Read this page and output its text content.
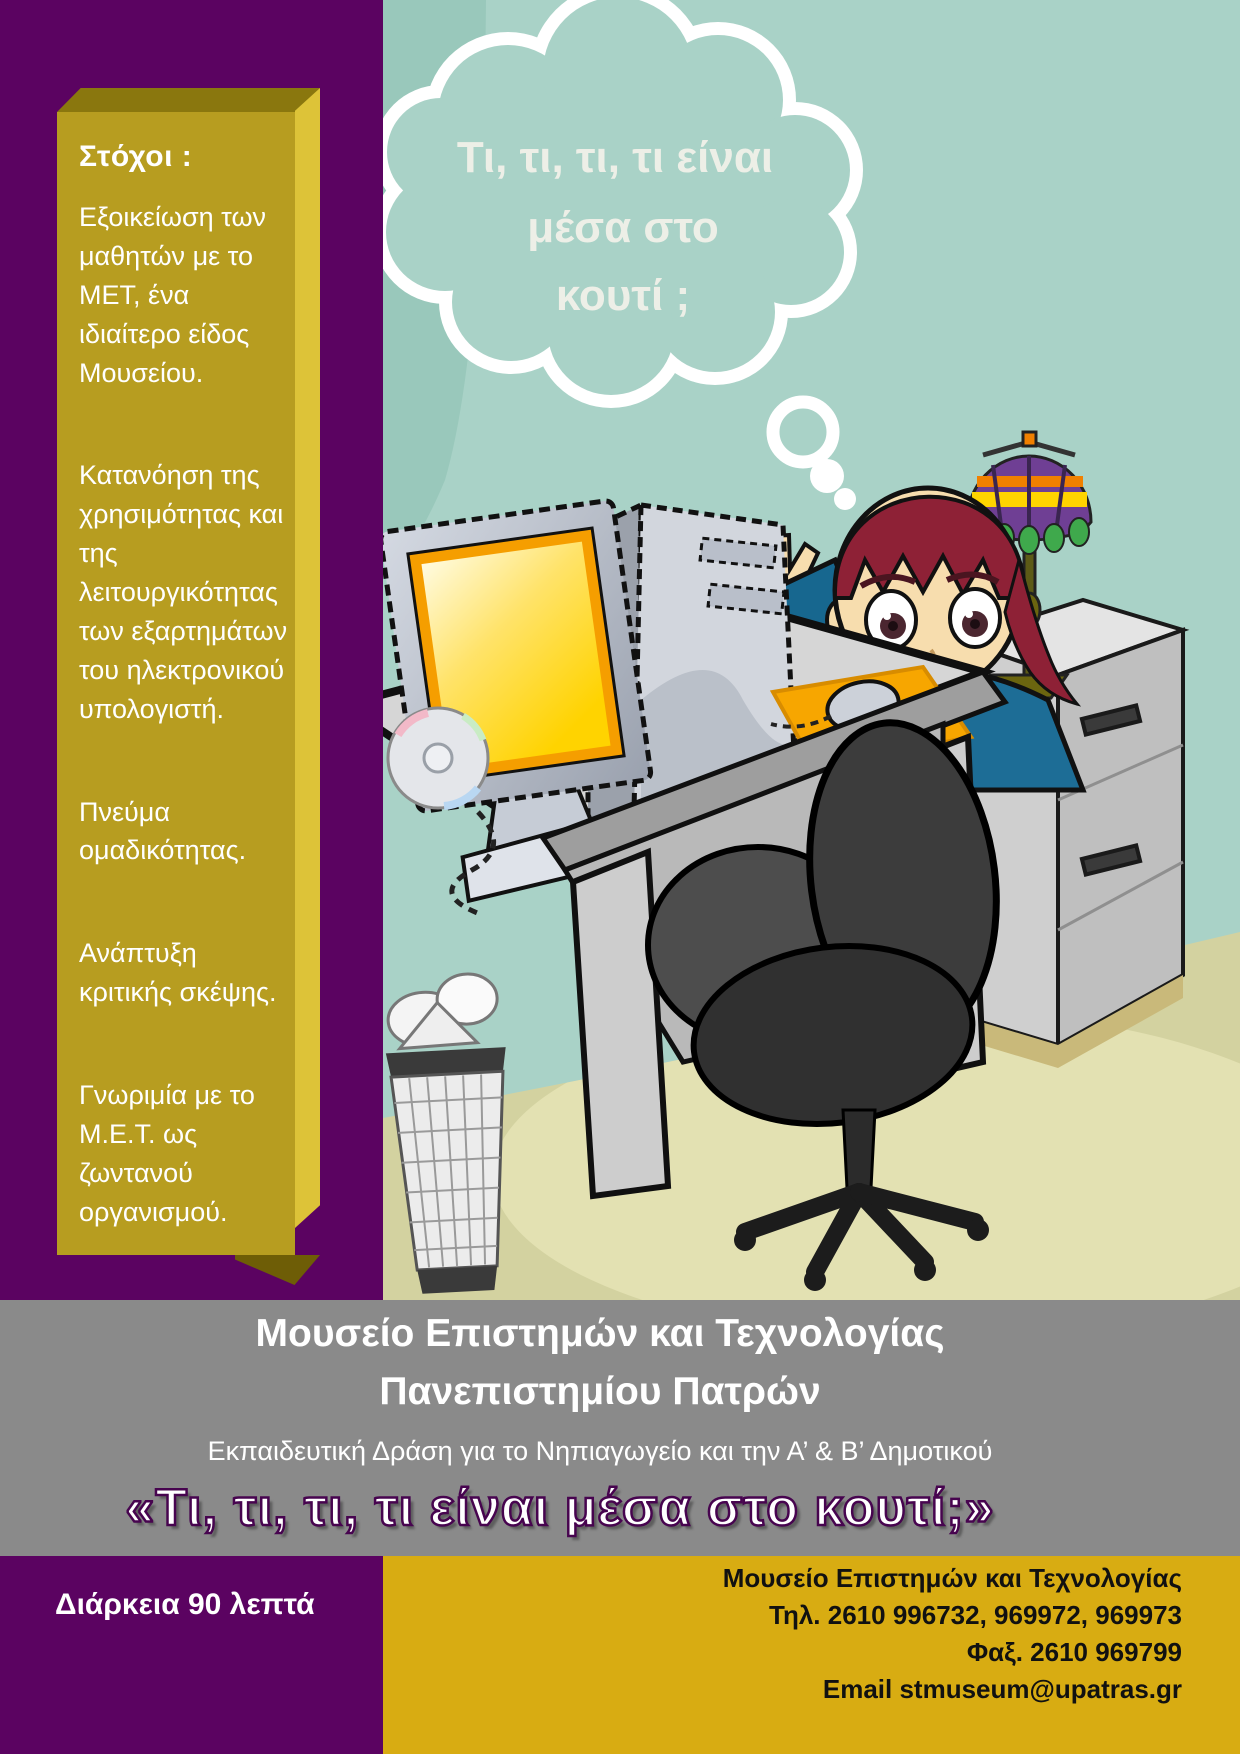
Τι, τι, τι, τι είναι
μέσα στο
κουτί ;
Στόχοι :

Εξοικείωση των μαθητών με το ΜΕΤ, ένα ιδιαίτερο είδος Μουσείου.

Κατανόηση της χρησιμότητας και της λειτουργικότητας των εξαρτημάτων του ηλεκτρονικού υπολογιστή.

Πνεύμα ομαδικότητας.

Ανάπτυξη κριτικής σκέψης.

Γνωριμία με το Μ.Ε.Τ. ως ζωντανού οργανισμού.

Μουσείο Επιστημών και Τεχνολογίας
Πανεπιστημίου Πατρών
Εκπαιδευτική Δράση για το Νηπιαγωγείο και την Α’ & Β’ Δημοτικού
«Τι, τι, τι, τι είναι μέσα στο κουτί;»
Διάρκεια 90 λεπτά
Μουσείο Επιστημών και Τεχνολογίας
Τηλ. 2610 996732, 969972, 969973
Φαξ. 2610 969799
Email stmuseum@upatras.gr
